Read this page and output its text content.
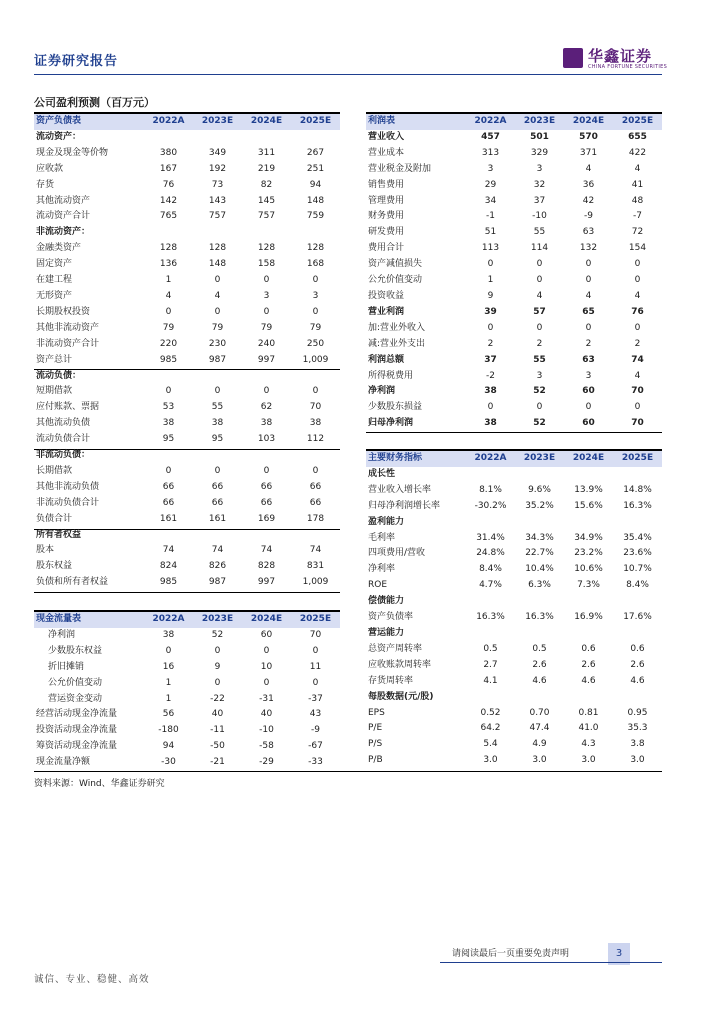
证券研究报告	华鑫证券
CHINA FORTUNE SECURITIES
公司盈利预测（百万元）
资产负债表	2022A	2023E	2024E	2025E
流动资产：				
现金及现金等价物	380	349	311	267
应收款	167	192	219	251
存货	76	73	82	94
其他流动资产	142	143	145	148
流动资产合计	765	757	757	759
非流动资产：				
金融类资产	128	128	128	128
固定资产	136	148	158	168
在建工程	1	0	0	0
无形资产	4	4	3	3
长期股权投资	0	0	0	0
其他非流动资产	79	79	79	79
非流动资产合计	220	230	240	250
资产总计	985	987	997	1,009
流动负债：				
短期借款	0	0	0	0
应付账款、票据	53	55	62	70
其他流动负债	38	38	38	38
流动负债合计	95	95	103	112
非流动负债：				
长期借款	0	0	0	0
其他非流动负债	66	66	66	66
非流动负债合计	66	66	66	66
负债合计	161	161	169	178
所有者权益				
股本	74	74	74	74
股东权益	824	826	828	831
负债和所有者权益	985	987	997	1,009
利润表	2022A	2023E	2024E	2025E
营业收入	457	501	570	655
营业成本	313	329	371	422
营业税金及附加	3	3	4	4
销售费用	29	32	36	41
管理费用	34	37	42	48
财务费用	-1	-10	-9	-7
研发费用	51	55	63	72
费用合计	113	114	132	154
资产减值损失	0	0	0	0
公允价值变动	1	0	0	0
投资收益	9	4	4	4
营业利润	39	57	65	76
加:营业外收入	0	0	0	0
减:营业外支出	2	2	2	2
利润总额	37	55	63	74
所得税费用	-2	3	3	4
净利润	38	52	60	70
少数股东损益	0	0	0	0
归母净利润	38	52	60	70
主要财务指标	2022A	2023E	2024E	2025E
成长性				
营业收入增长率	8.1%	9.6%	13.9%	14.8%
归母净利润增长率	-30.2%	35.2%	15.6%	16.3%
盈利能力				
毛利率	31.4%	34.3%	34.9%	35.4%
四项费用/营收	24.8%	22.7%	23.2%	23.6%
净利率	8.4%	10.4%	10.6%	10.7%
ROE	4.7%	6.3%	7.3%	8.4%
偿债能力				
资产负债率	16.3%	16.3%	16.9%	17.6%
营运能力				
总资产周转率	0.5	0.5	0.6	0.6
应收账款周转率	2.7	2.6	2.6	2.6
存货周转率	4.1	4.6	4.6	4.6
每股数据(元/股)				
EPS	0.52	0.70	0.81	0.95
P/E	64.2	47.4	41.0	35.3
P/S	5.4	4.9	4.3	3.8
P/B	3.0	3.0	3.0	3.0
现金流量表	2022A	2023E	2024E	2025E
净利润	38	52	60	70
少数股东权益	0	0	0	0
折旧摊销	16	9	10	11
公允价值变动	1	0	0	0
营运资金变动	1	-22	-31	-37
经营活动现金净流量	56	40	40	43
投资活动现金净流量	-180	-11	-10	-9
筹资活动现金净流量	94	-50	-58	-67
现金流量净额	-30	-21	-29	-33
资料来源：Wind、华鑫证券研究
请阅读最后一页重要免责声明	3
诚信、专业、稳健、高效
